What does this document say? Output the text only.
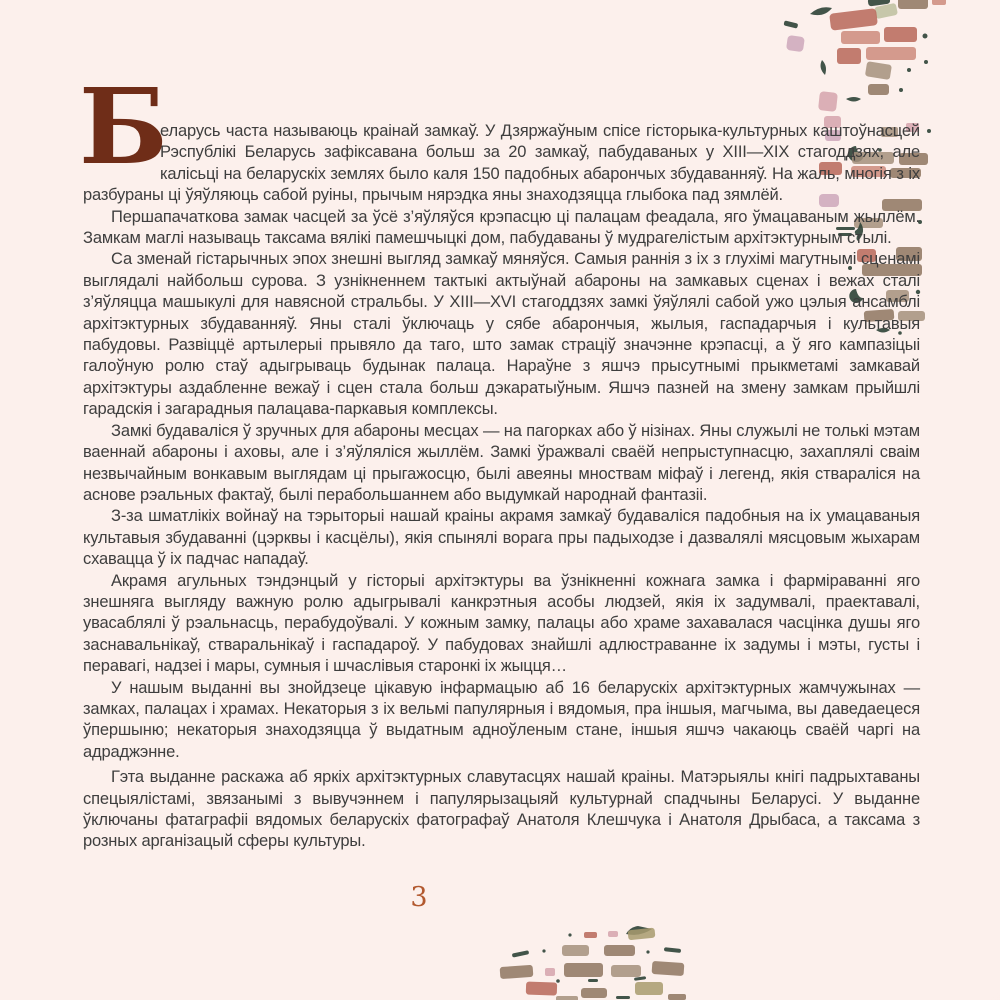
Б
еларусь часта называюць краінай замкаў. У Дзяржаўным спісе гісторыка-культурных каштоўнасцей Рэспублікі Беларусь зафіксавана больш за 20 замкаў, пабудаваных у XIII—XIX стагоддзях, але калісьці на беларускіх землях было каля 150 падобных абарончых збудаванняў. На жаль, многія з іх разбураны ці ўяўляюць сабой руіны, прычым нярэдка яны знаходзяцца глыбока пад зямлёй.

Першапачаткова замак часцей за ўсё з’яўляўся крэпасцю ці палацам феадала, яго ўмацаваным жыллём. Замкам маглі называць таксама вялікі памешчыцкі дом, пабудаваны ў мудрагелістым архітэктурным стылі.

Са зменай гістарычных эпох знешні выгляд замкаў мяняўся. Самыя раннія з іх з глухімі магутнымі сценамі выглядалі найбольш сурова. З узнікненнем тактыкі актыўнай абароны на замкавых сценах і вежах сталі з’яўляцца машыкулі для навясной стральбы. У XIII—XVI стагоддзях замкі ўяўлялі сабой ужо цэлыя ансамблі архітэктурных збудаванняў. Яны сталі ўключаць у сябе абарончыя, жылыя, гаспадарчыя і культавыя пабудовы. Развіццё артылерыі прывяло да таго, што замак страціў значэнне крэпасці, а ў яго кампазіцыі галоўную ролю стаў адыгрываць будынак палаца. Нараўне з яшчэ прысутнымі прыкметамі замкавай архітэктуры аздабленне вежаў і сцен стала больш дэкаратыўным. Яшчэ пазней на змену замкам прыйшлі гарадскія і загарадныя палацава-паркавыя комплексы.

Замкі будаваліся ў зручных для абароны месцах — на пагорках або ў нізінах. Яны служылі не толькі мэтам ваеннай абароны і аховы, але і з’яўляліся жыллём. Замкі ўражвалі сваёй непрыступнасцю, захаплялі сваім незвычайным вонкавым выглядам ці прыгажосцю, былі авеяны мноствам міфаў і легенд, якія ствараліся на аснове рэальных фактаў, былі перабольшаннем або выдумкай народнай фантазіі.

З-за шматлікіх войнаў на тэрыторыі нашай краіны акрамя замкаў будаваліся падобныя на іх умацаваныя культавыя збудаванні (цэрквы і касцёлы), якія спынялі ворага пры падыходзе і дазвалялі мясцовым жыхарам схавацца ў іх падчас нападаў.

Акрамя агульных тэндэнцый у гісторыі архітэктуры ва ўзнікненні кожнага замка і фарміраванні яго знешняга выгляду важную ролю адыгрывалі канкрэтныя асобы людзей, якія іх задумвалі, праектавалі, увасаблялі ў рэальнасць, перабудоўвалі. У кожным замку, палацы або храме захавалася часцінка душы яго заснавальнікаў, стваральнікаў і гаспадароў. У пабудовах знайшлі адлюстраванне іх задумы і мэты, густы і перавагі, надзеі і мары, сумныя і шчаслівыя старонкі іх жыцця…

У нашым выданні вы знойдзеце цікавую інфармацыю аб 16 беларускіх архітэктурных жамчужынах — замках, палацах і храмах. Некаторыя з іх вельмі папулярныя і вядомыя, пра іншыя, магчыма, вы даведаецеся ўпершыню; некаторыя знаходзяцца ў выдатным адноўленым стане, іншыя яшчэ чакаюць сваёй чаргі на адраджэнне.

Гэта выданне раскажа аб яркіх архітэктурных славутасцях нашай краіны. Матэрыялы кнігі падрыхтаваны спецыялістамі, звязанымі з вывучэннем і папулярызацыяй культурнай спадчыны Беларусі. У выданне ўключаны фатаграфіі вядомых беларускіх фатографаў Анатоля Клешчука і Анатоля Дрыбаса, а таксама з розных арганізацый сферы культуры.

3
